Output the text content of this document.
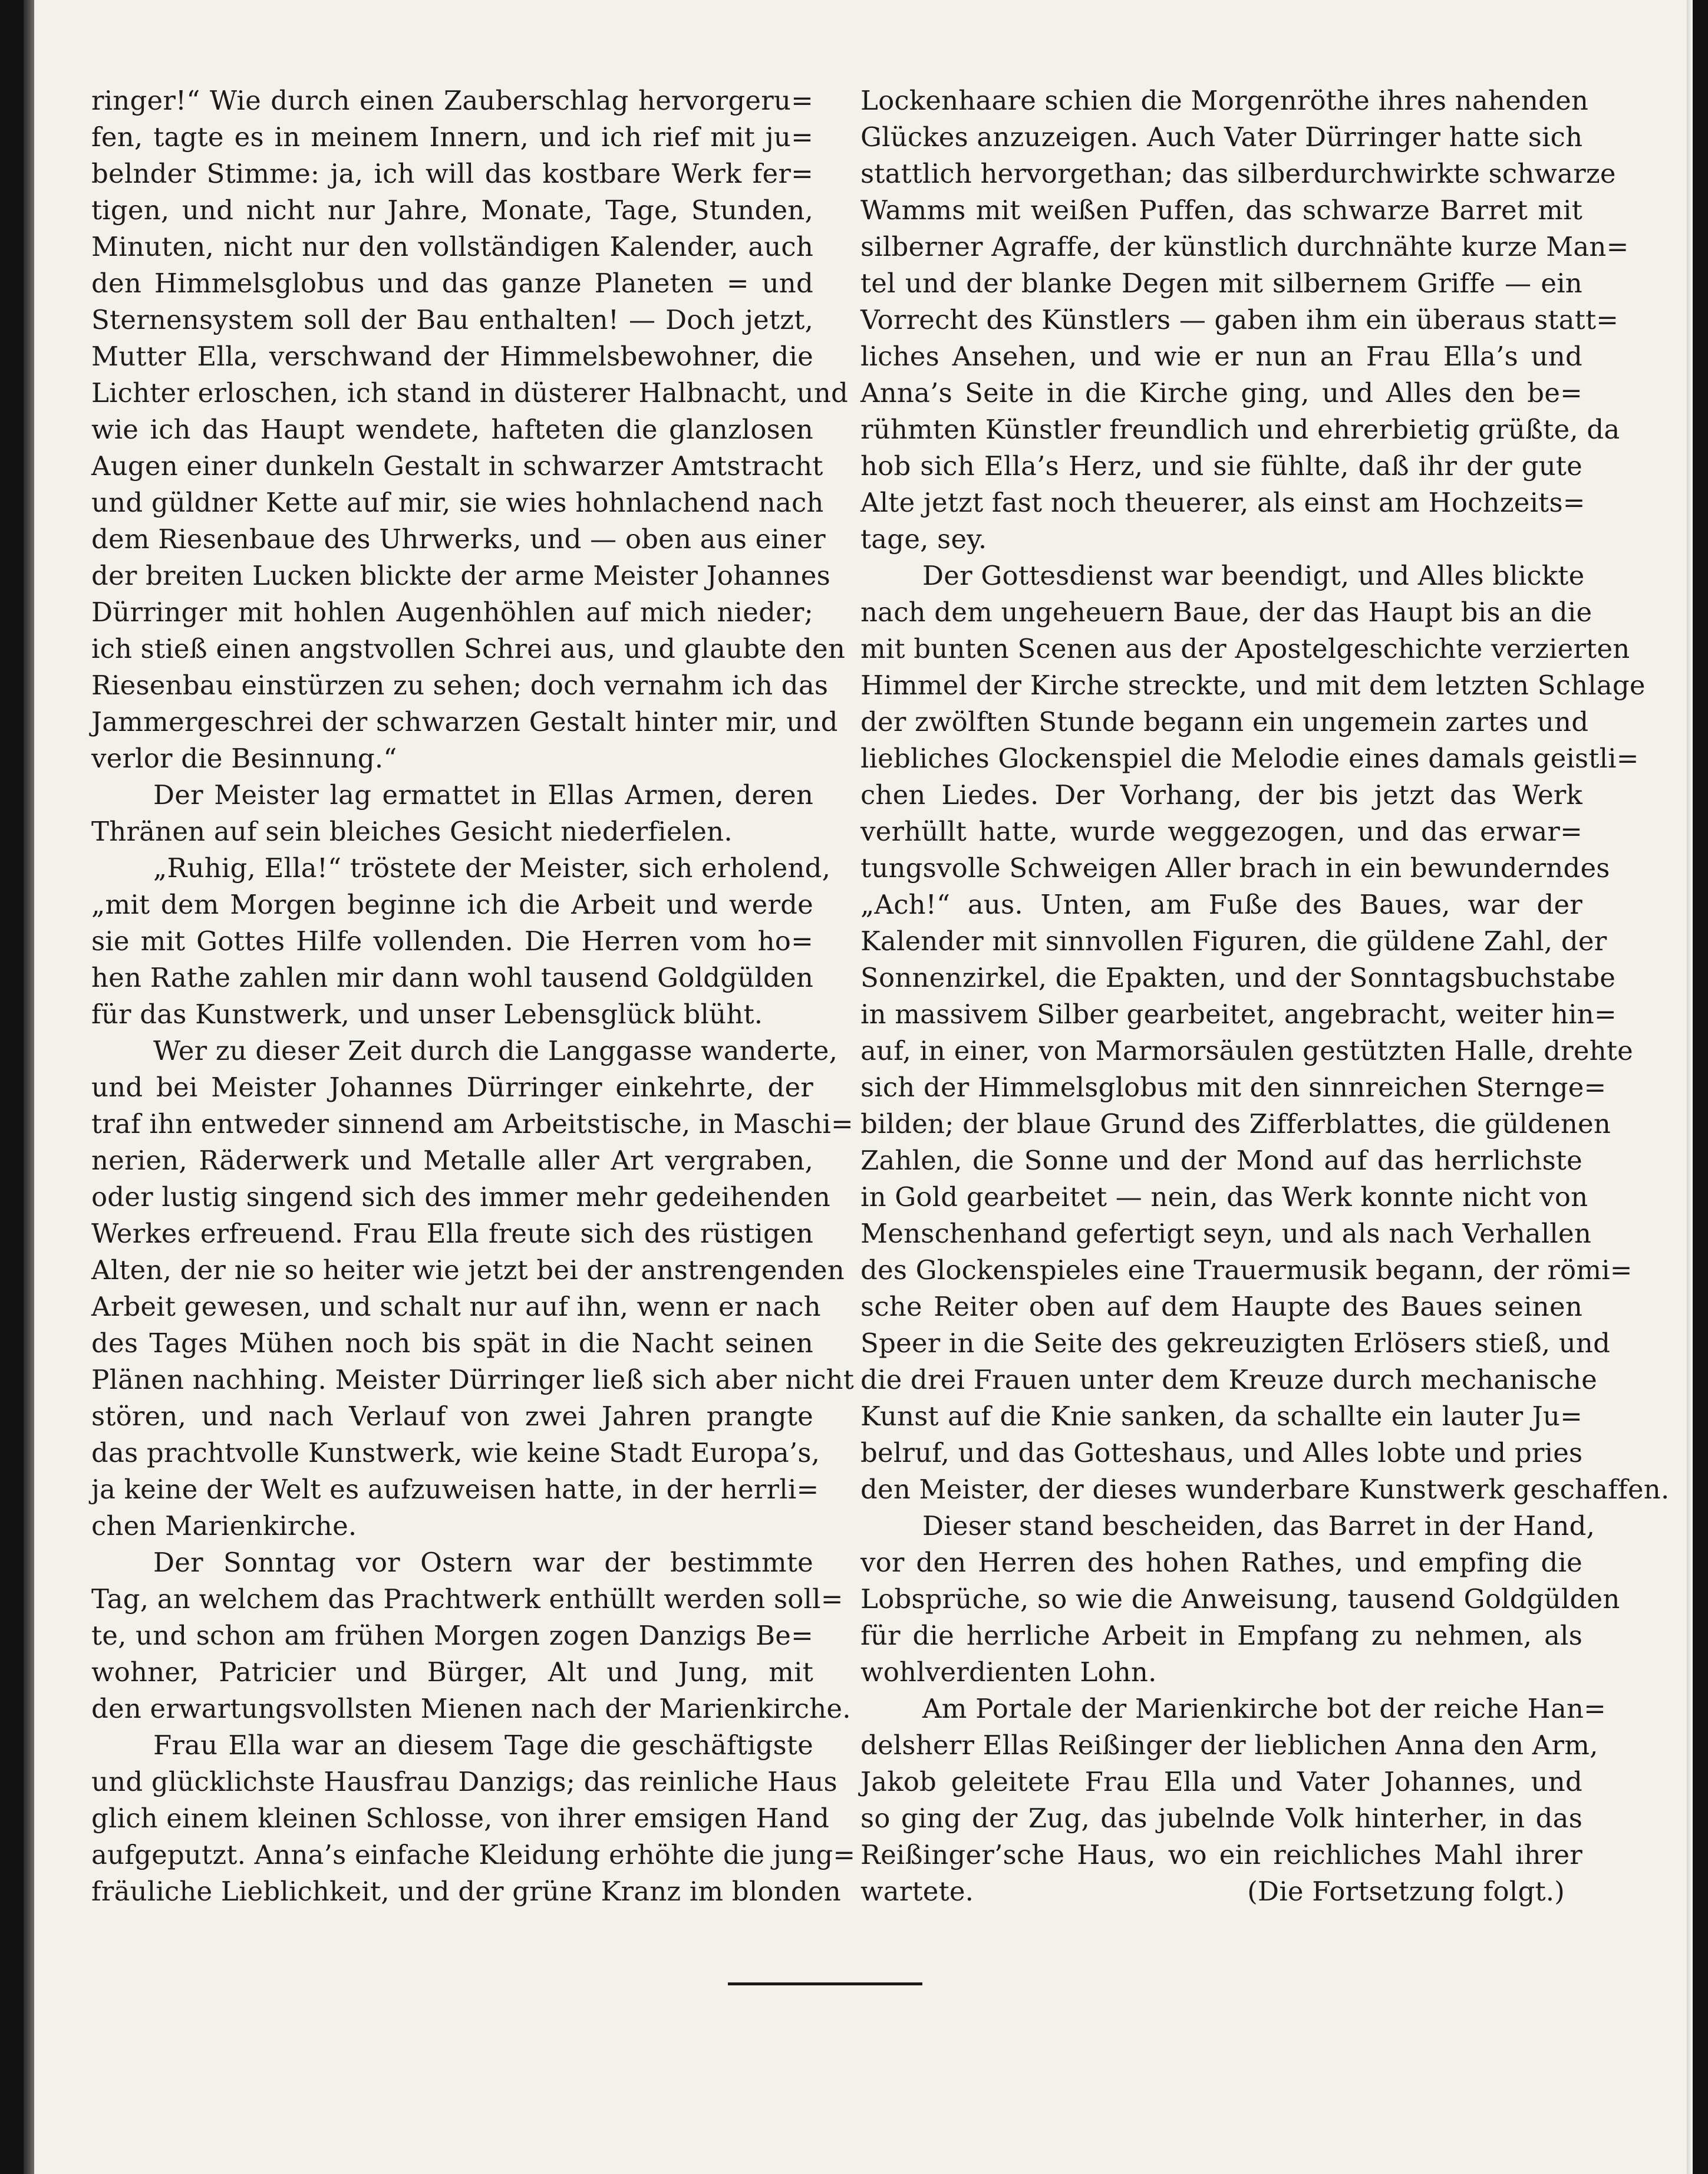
ringer!“ Wie durch einen Zauberschlag hervorgeru=
fen, tagte es in meinem Innern, und ich rief mit ju=
belnder Stimme: ja, ich will das kostbare Werk fer=
tigen, und nicht nur Jahre, Monate, Tage, Stunden,
Minuten, nicht nur den vollständigen Kalender, auch
den Himmelsglobus und das ganze Planeten = und
Sternensystem soll der Bau enthalten! — Doch jetzt,
Mutter Ella, verschwand der Himmelsbewohner, die
Lichter erloschen, ich stand in düsterer Halbnacht, und
wie ich das Haupt wendete, hafteten die glanzlosen
Augen einer dunkeln Gestalt in schwarzer Amtstracht
und güldner Kette auf mir, sie wies hohnlachend nach
dem Riesenbaue des Uhrwerks, und — oben aus einer
der breiten Lucken blickte der arme Meister Johannes
Dürringer mit hohlen Augenhöhlen auf mich nieder;
ich stieß einen angstvollen Schrei aus, und glaubte den
Riesenbau einstürzen zu sehen; doch vernahm ich das
Jammergeschrei der schwarzen Gestalt hinter mir, und
verlor die Besinnung.“
Der Meister lag ermattet in Ellas Armen, deren
Thränen auf sein bleiches Gesicht niederfielen.
„Ruhig, Ella!“ tröstete der Meister, sich erholend,
„mit dem Morgen beginne ich die Arbeit und werde
sie mit Gottes Hilfe vollenden. Die Herren vom ho=
hen Rathe zahlen mir dann wohl tausend Goldgülden
für das Kunstwerk, und unser Lebensglück blüht.
Wer zu dieser Zeit durch die Langgasse wanderte,
und bei Meister Johannes Dürringer einkehrte, der
traf ihn entweder sinnend am Arbeitstische, in Maschi=
nerien, Räderwerk und Metalle aller Art vergraben,
oder lustig singend sich des immer mehr gedeihenden
Werkes erfreuend. Frau Ella freute sich des rüstigen
Alten, der nie so heiter wie jetzt bei der anstrengenden
Arbeit gewesen, und schalt nur auf ihn, wenn er nach
des Tages Mühen noch bis spät in die Nacht seinen
Plänen nachhing. Meister Dürringer ließ sich aber nicht
stören, und nach Verlauf von zwei Jahren prangte
das prachtvolle Kunstwerk, wie keine Stadt Europa’s,
ja keine der Welt es aufzuweisen hatte, in der herrli=
chen Marienkirche.
Der Sonntag vor Ostern war der bestimmte
Tag, an welchem das Prachtwerk enthüllt werden soll=
te, und schon am frühen Morgen zogen Danzigs Be=
wohner, Patricier und Bürger, Alt und Jung, mit
den erwartungsvollsten Mienen nach der Marienkirche.
Frau Ella war an diesem Tage die geschäftigste
und glücklichste Hausfrau Danzigs; das reinliche Haus
glich einem kleinen Schlosse, von ihrer emsigen Hand
aufgeputzt. Anna’s einfache Kleidung erhöhte die jung=
fräuliche Lieblichkeit, und der grüne Kranz im blonden
Lockenhaare schien die Morgenröthe ihres nahenden
Glückes anzuzeigen. Auch Vater Dürringer hatte sich
stattlich hervorgethan; das silberdurchwirkte schwarze
Wamms mit weißen Puffen, das schwarze Barret mit
silberner Agraffe, der künstlich durchnähte kurze Man=
tel und der blanke Degen mit silbernem Griffe — ein
Vorrecht des Künstlers — gaben ihm ein überaus statt=
liches Ansehen, und wie er nun an Frau Ella’s und
Anna’s Seite in die Kirche ging, und Alles den be=
rühmten Künstler freundlich und ehrerbietig grüßte, da
hob sich Ella’s Herz, und sie fühlte, daß ihr der gute
Alte jetzt fast noch theuerer, als einst am Hochzeits=
tage, sey.
Der Gottesdienst war beendigt, und Alles blickte
nach dem ungeheuern Baue, der das Haupt bis an die
mit bunten Scenen aus der Apostelgeschichte verzierten
Himmel der Kirche streckte, und mit dem letzten Schlage
der zwölften Stunde begann ein ungemein zartes und
liebliches Glockenspiel die Melodie eines damals geistli=
chen Liedes. Der Vorhang, der bis jetzt das Werk
verhüllt hatte, wurde weggezogen, und das erwar=
tungsvolle Schweigen Aller brach in ein bewunderndes
„Ach!“ aus. Unten, am Fuße des Baues, war der
Kalender mit sinnvollen Figuren, die güldene Zahl, der
Sonnenzirkel, die Epakten, und der Sonntagsbuchstabe
in massivem Silber gearbeitet, angebracht, weiter hin=
auf, in einer, von Marmorsäulen gestützten Halle, drehte
sich der Himmelsglobus mit den sinnreichen Sternge=
bilden; der blaue Grund des Zifferblattes, die güldenen
Zahlen, die Sonne und der Mond auf das herrlichste
in Gold gearbeitet — nein, das Werk konnte nicht von
Menschenhand gefertigt seyn, und als nach Verhallen
des Glockenspieles eine Trauermusik begann, der römi=
sche Reiter oben auf dem Haupte des Baues seinen
Speer in die Seite des gekreuzigten Erlösers stieß, und
die drei Frauen unter dem Kreuze durch mechanische
Kunst auf die Knie sanken, da schallte ein lauter Ju=
belruf, und das Gotteshaus, und Alles lobte und pries
den Meister, der dieses wunderbare Kunstwerk geschaffen.
Dieser stand bescheiden, das Barret in der Hand,
vor den Herren des hohen Rathes, und empfing die
Lobsprüche, so wie die Anweisung, tausend Goldgülden
für die herrliche Arbeit in Empfang zu nehmen, als
wohlverdienten Lohn.
Am Portale der Marienkirche bot der reiche Han=
delsherr Ellas Reißinger der lieblichen Anna den Arm,
Jakob geleitete Frau Ella und Vater Johannes, und
so ging der Zug, das jubelnde Volk hinterher, in das
Reißinger’sche Haus, wo ein reichliches Mahl ihrer
wartete.	(Die Fortsetzung folgt.)
